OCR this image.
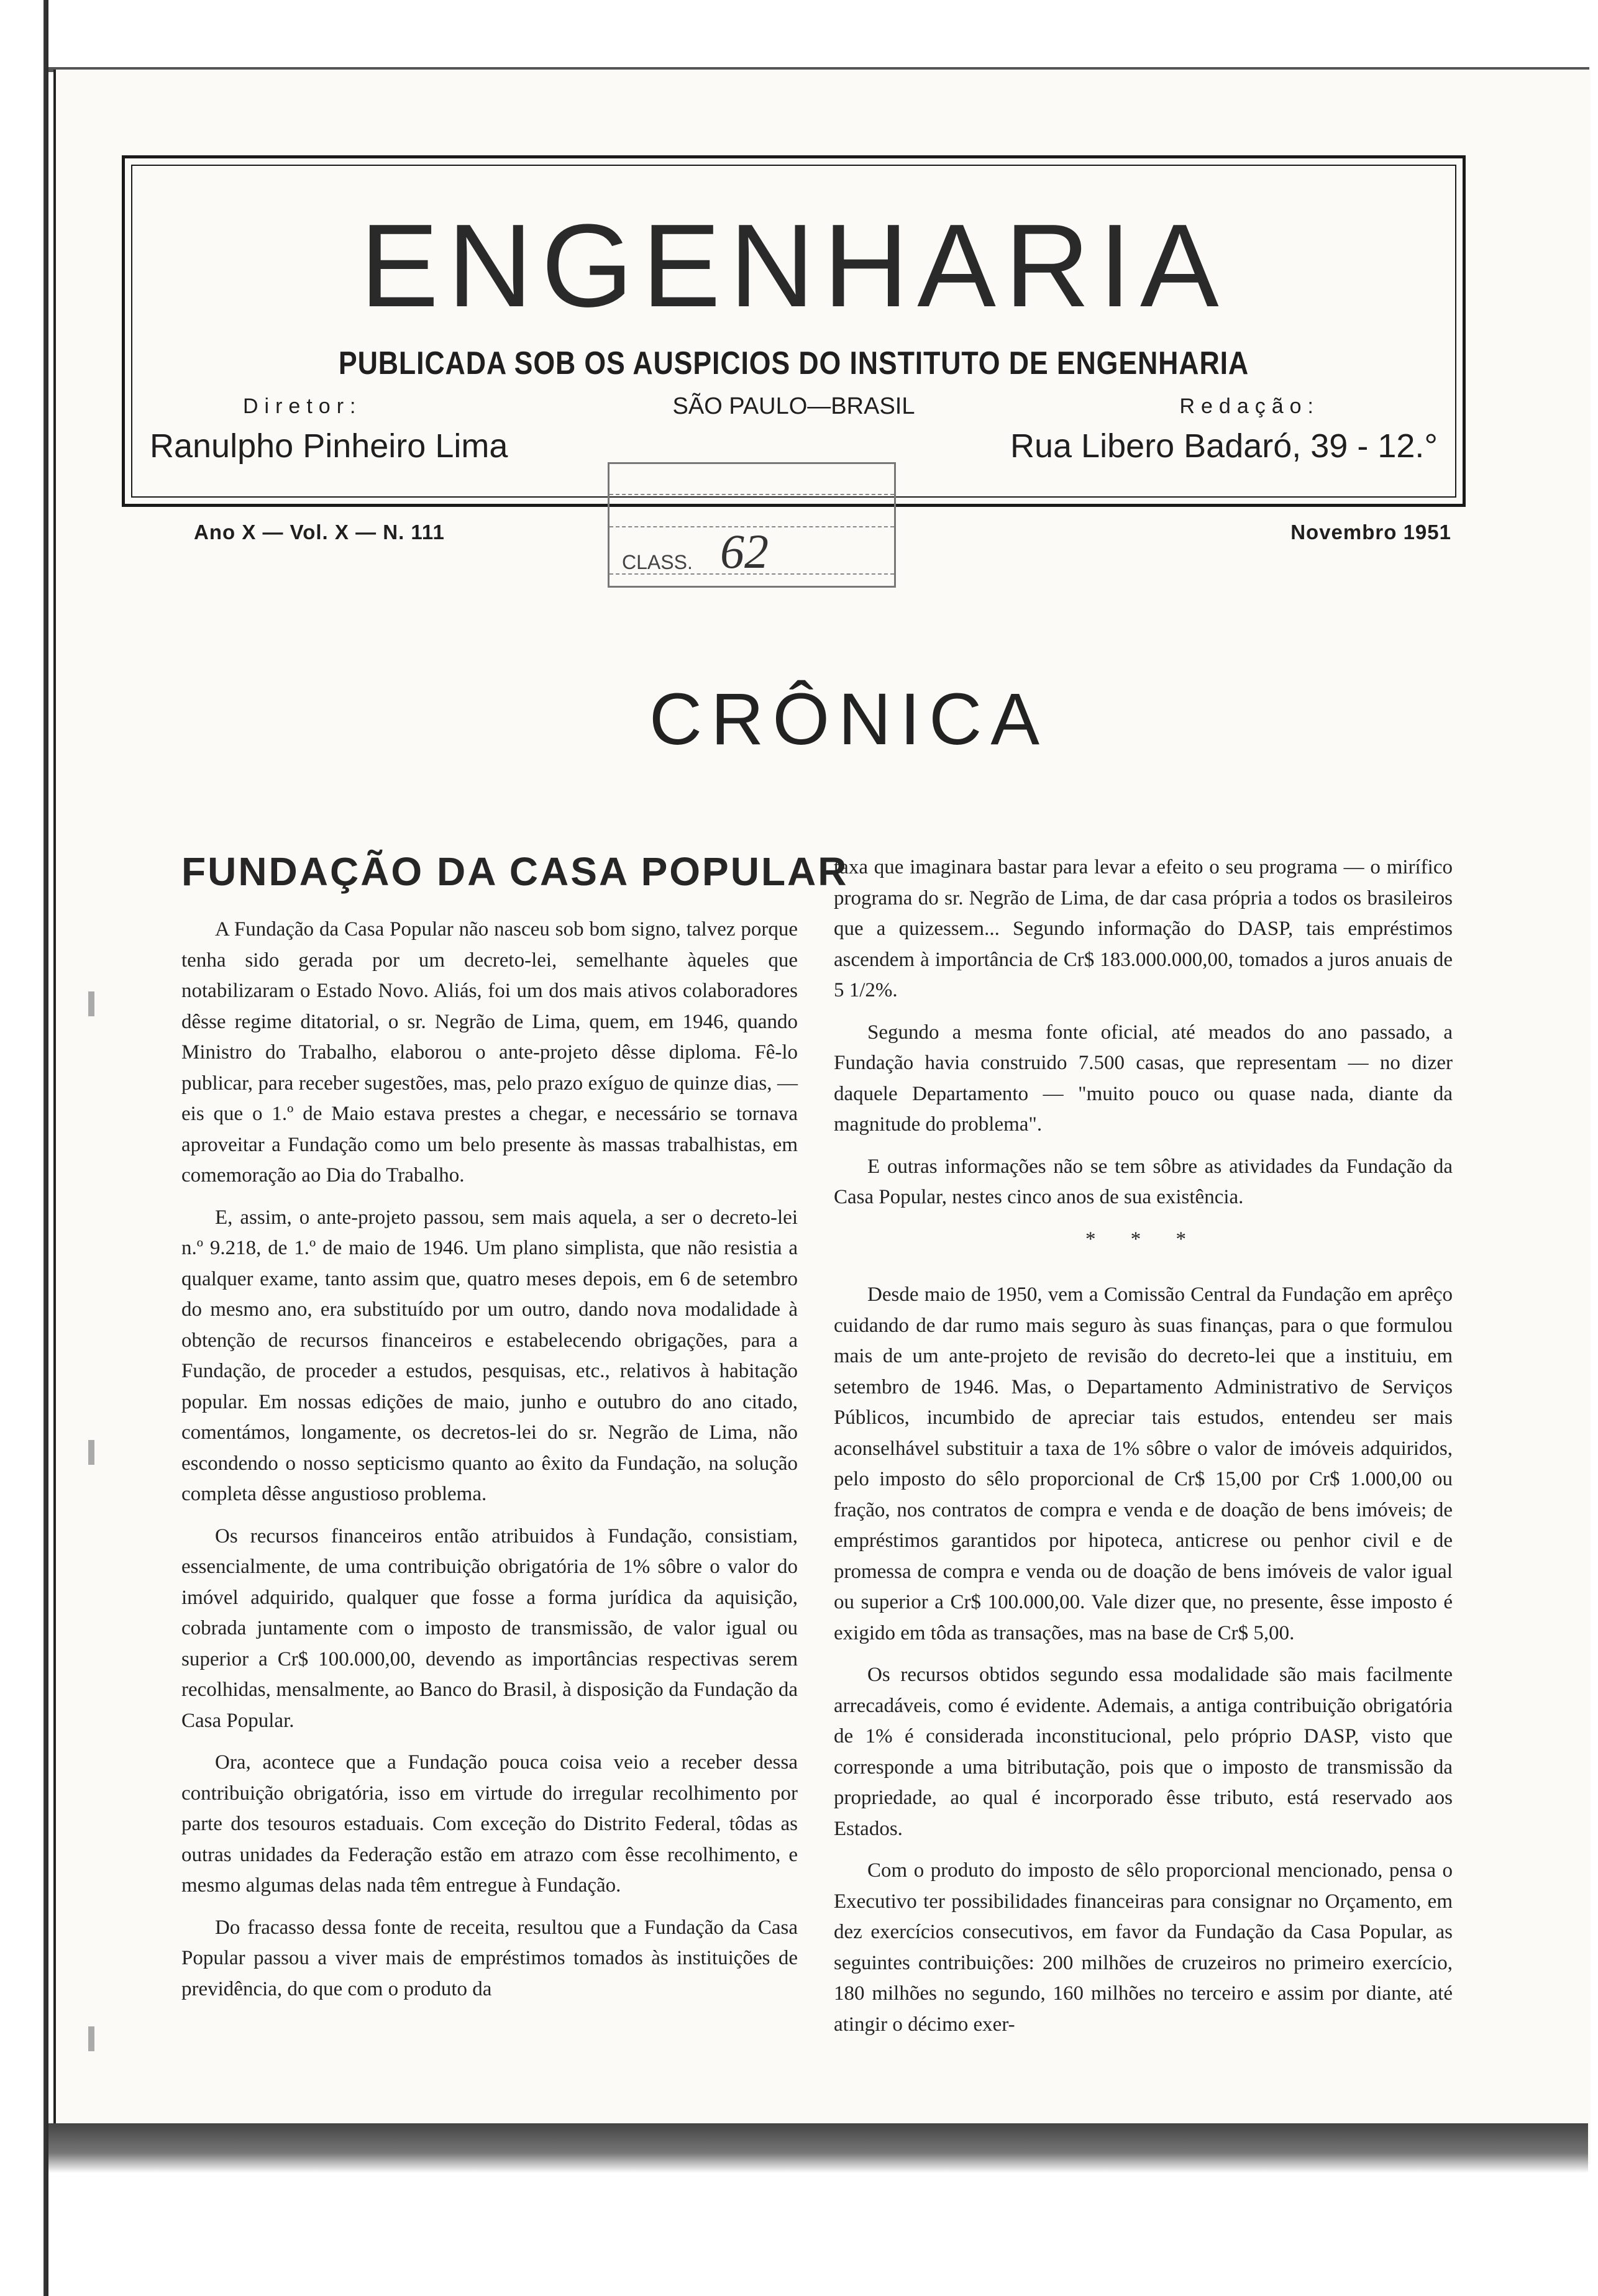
ENGENHARIA
PUBLICADA SOB OS AUSPICIOS DO INSTITUTO DE ENGENHARIA
SÃO PAULO—BRASIL
Diretor:
Ranulpho Pinheiro Lima
Redação:
Rua Libero Badaró, 39 - 12.°
CLASS. 62
Ano X — Vol. X — N. 111	Novembro 1951
CRÔNICA
FUNDAÇÃO DA CASA POPULAR

A Fundação da Casa Popular não nasceu sob bom signo, talvez porque tenha sido gerada por um decreto-lei, semelhante àqueles que notabilizaram o Estado Novo. Aliás, foi um dos mais ativos colaboradores dêsse regime ditatorial, o sr. Negrão de Lima, quem, em 1946, quando Ministro do Trabalho, elaborou o ante-projeto dêsse diploma. Fê-lo publicar, para receber sugestões, mas, pelo prazo exíguo de quinze dias, — eis que o 1.º de Maio estava prestes a chegar, e necessário se tornava aproveitar a Fundação como um belo presente às massas trabalhistas, em comemoração ao Dia do Trabalho.

E, assim, o ante-projeto passou, sem mais aquela, a ser o decreto-lei n.º 9.218, de 1.º de maio de 1946. Um plano simplista, que não resistia a qualquer exame, tanto assim que, quatro meses depois, em 6 de setembro do mesmo ano, era substituído por um outro, dando nova modalidade à obtenção de recursos financeiros e estabelecendo obrigações, para a Fundação, de proceder a estudos, pesquisas, etc., relativos à habitação popular. Em nossas edições de maio, junho e outubro do ano citado, comentámos, longamente, os decretos-lei do sr. Negrão de Lima, não escondendo o nosso septicismo quanto ao êxito da Fundação, na solução completa dêsse angustioso problema.

Os recursos financeiros então atribuidos à Fundação, consistiam, essencialmente, de uma contribuição obrigatória de 1% sôbre o valor do imóvel adquirido, qualquer que fosse a forma jurídica da aquisição, cobrada juntamente com o imposto de transmissão, de valor igual ou superior a Cr$ 100.000,00, devendo as importâncias respectivas serem recolhidas, mensalmente, ao Banco do Brasil, à disposição da Fundação da Casa Popular.

Ora, acontece que a Fundação pouca coisa veio a receber dessa contribuição obrigatória, isso em virtude do irregular recolhimento por parte dos tesouros estaduais. Com exceção do Distrito Federal, tôdas as outras unidades da Federação estão em atrazo com êsse recolhimento, e mesmo algumas delas nada têm entregue à Fundação.

Do fracasso dessa fonte de receita, resultou que a Fundação da Casa Popular passou a viver mais de empréstimos tomados às instituições de previdência, do que com o produto da

taxa que imaginara bastar para levar a efeito o seu programa — o mirífico programa do sr. Negrão de Lima, de dar casa própria a todos os brasileiros que a quizessem... Segundo informação do DASP, tais empréstimos ascendem à importância de Cr$ 183.000.000,00, tomados a juros anuais de 5 1/2%.

Segundo a mesma fonte oficial, até meados do ano passado, a Fundação havia construido 7.500 casas, que representam — no dizer daquele Departamento — "muito pouco ou quase nada, diante da magnitude do problema".

E outras informações não se tem sôbre as atividades da Fundação da Casa Popular, nestes cinco anos de sua existência.

* * *

Desde maio de 1950, vem a Comissão Central da Fundação em aprêço cuidando de dar rumo mais seguro às suas finanças, para o que formulou mais de um ante-projeto de revisão do decreto-lei que a instituiu, em setembro de 1946. Mas, o Departamento Administrativo de Serviços Públicos, incumbido de apreciar tais estudos, entendeu ser mais aconselhável substituir a taxa de 1% sôbre o valor de imóveis adquiridos, pelo imposto do sêlo proporcional de Cr$ 15,00 por Cr$ 1.000,00 ou fração, nos contratos de compra e venda e de doação de bens imóveis; de empréstimos garantidos por hipoteca, anticrese ou penhor civil e de promessa de compra e venda ou de doação de bens imóveis de valor igual ou superior a Cr$ 100.000,00. Vale dizer que, no presente, êsse imposto é exigido em tôda as transações, mas na base de Cr$ 5,00.

Os recursos obtidos segundo essa modalidade são mais facilmente arrecadáveis, como é evidente. Ademais, a antiga contribuição obrigatória de 1% é considerada inconstitucional, pelo próprio DASP, visto que corresponde a uma bitributação, pois que o imposto de transmissão da propriedade, ao qual é incorporado êsse tributo, está reservado aos Estados.

Com o produto do imposto de sêlo proporcional mencionado, pensa o Executivo ter possibilidades financeiras para consignar no Orçamento, em dez exercícios consecutivos, em favor da Fundação da Casa Popular, as seguintes contribuições: 200 milhões de cruzeiros no primeiro exercício, 180 milhões no segundo, 160 milhões no terceiro e assim por diante, até atingir o décimo exer-
